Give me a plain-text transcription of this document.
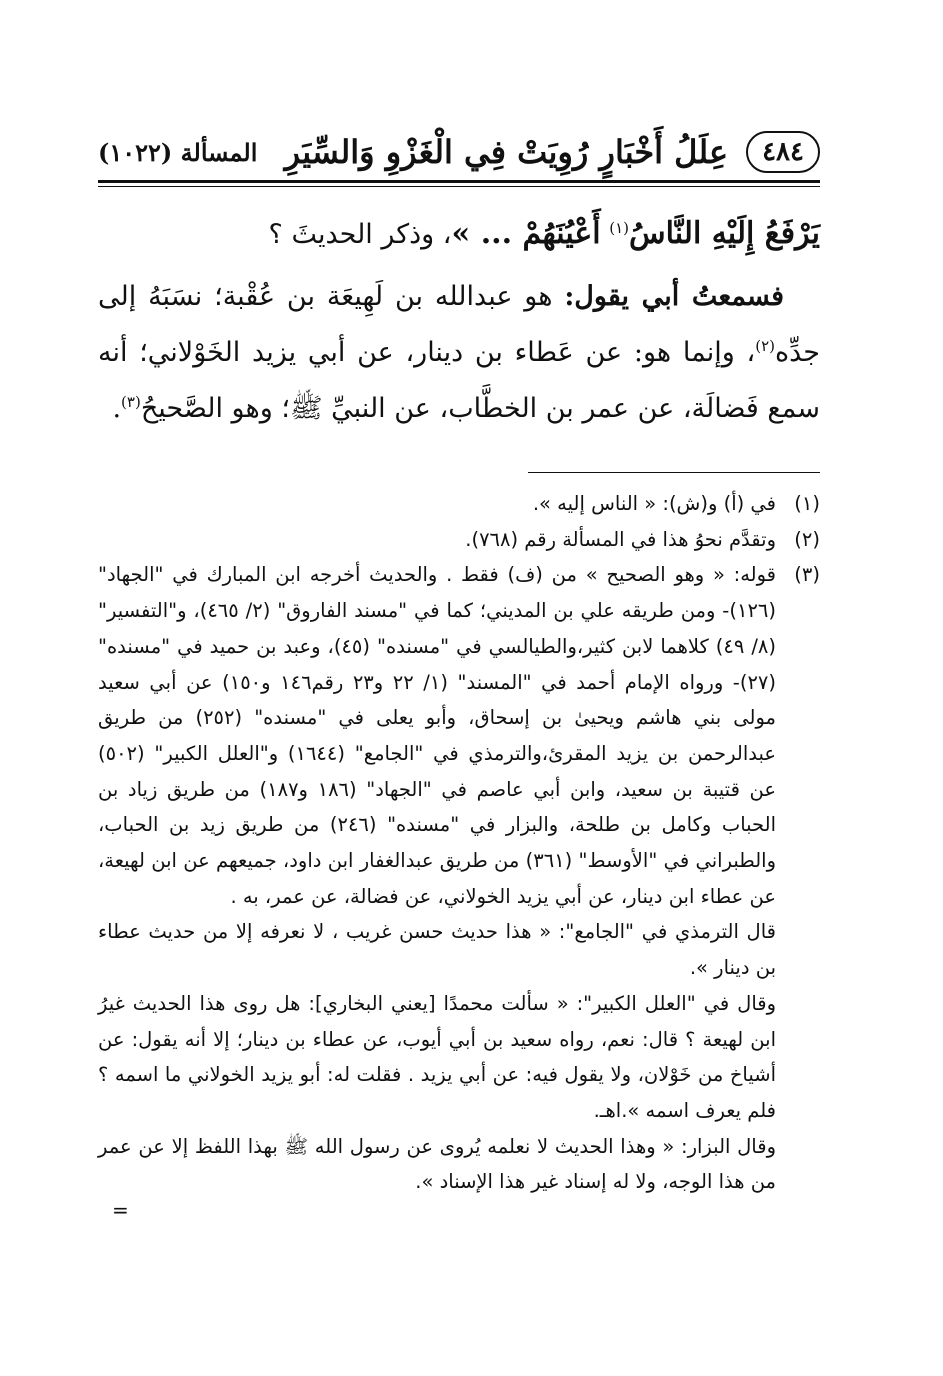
٤٨٤
عِلَلُ أَخْبَارٍ رُوِيَتْ فِي الْغَزْوِ وَالسِّيَرِ
المسألة (١٠٢٢)

يَرْفَعُ إِلَيْهِ النَّاسُ$^{(١)}$ أَعْيُنَهُمْ ... »، وذكر الحديثَ ؟

فسمعتُ أبي يقول: هو عبدالله بن لَهِيعَة بن عُقْبة؛ نسَبَهُ إلى جدِّه$^{(٢)}$، وإنما هو: عن عَطاء بن دينار، عن أبي يزيد الخَوْلاني؛ أنه سمع فَضالَة، عن عمر بن الخطَّاب، عن النبيِّ ﷺ؛ وهو الصَّحيحُ$^{(٣)}$.

(١)

في (أ) و(ش): « الناس إليه ».

(٢)

وتقدَّم نحوُ هذا في المسألة رقم (٧٦٨).

(٣)

قوله: « وهو الصحيح » من (ف) فقط . والحديث أخرجه ابن المبارك في "الجهاد" (١٢٦)- ومن طريقه علي بن المديني؛ كما في "مسند الفاروق" (٢/ ٤٦٥)، و"التفسير" (٨/ ٤٩) كلاهما لابن كثير،والطيالسي في "مسنده" (٤٥)، وعبد بن حميد في "مسنده" (٢٧)- ورواه الإمام أحمد في "المسند" (١/ ٢٢ و٢٣ رقم١٤٦ و١٥٠) عن أبي سعيد مولى بني هاشم ويحيىٰ بن إسحاق، وأبو يعلى في "مسنده" (٢٥٢) من طريق عبدالرحمن بن يزيد المقرئ،والترمذي في "الجامع" (١٦٤٤) و"العلل الكبير" (٥٠٢) عن قتيبة بن سعيد، وابن أبي عاصم في "الجهاد" (١٨٦ و١٨٧) من طريق زياد بن الحباب وكامل بن طلحة، والبزار في "مسنده" (٢٤٦) من طريق زيد بن الحباب، والطبراني في "الأوسط" (٣٦١) من طريق عبدالغفار ابن داود، جميعهم عن ابن لهيعة، عن عطاء ابن دينار، عن أبي يزيد الخولاني، عن فضالة، عن عمر، به .

قال الترمذي في "الجامع": « هذا حديث حسن غريب ، لا نعرفه إلا من حديث عطاء بن دينار ».

وقال في "العلل الكبير": « سألت محمدًا [يعني البخاري]: هل روى هذا الحديث غيرُ ابن لهيعة ؟ قال: نعم، رواه سعيد بن أبي أيوب، عن عطاء بن دينار؛ إلا أنه يقول: عن أشياخ من خَوْلان، ولا يقول فيه: عن أبي يزيد . فقلت له: أبو يزيد الخولاني ما اسمه ؟ فلم يعرف اسمه ».اهـ.

وقال البزار: « وهذا الحديث لا نعلمه يُروى عن رسول الله ﷺ بهذا اللفظ إلا عن عمر من هذا الوجه، ولا له إسناد غير هذا الإسناد ».

=
